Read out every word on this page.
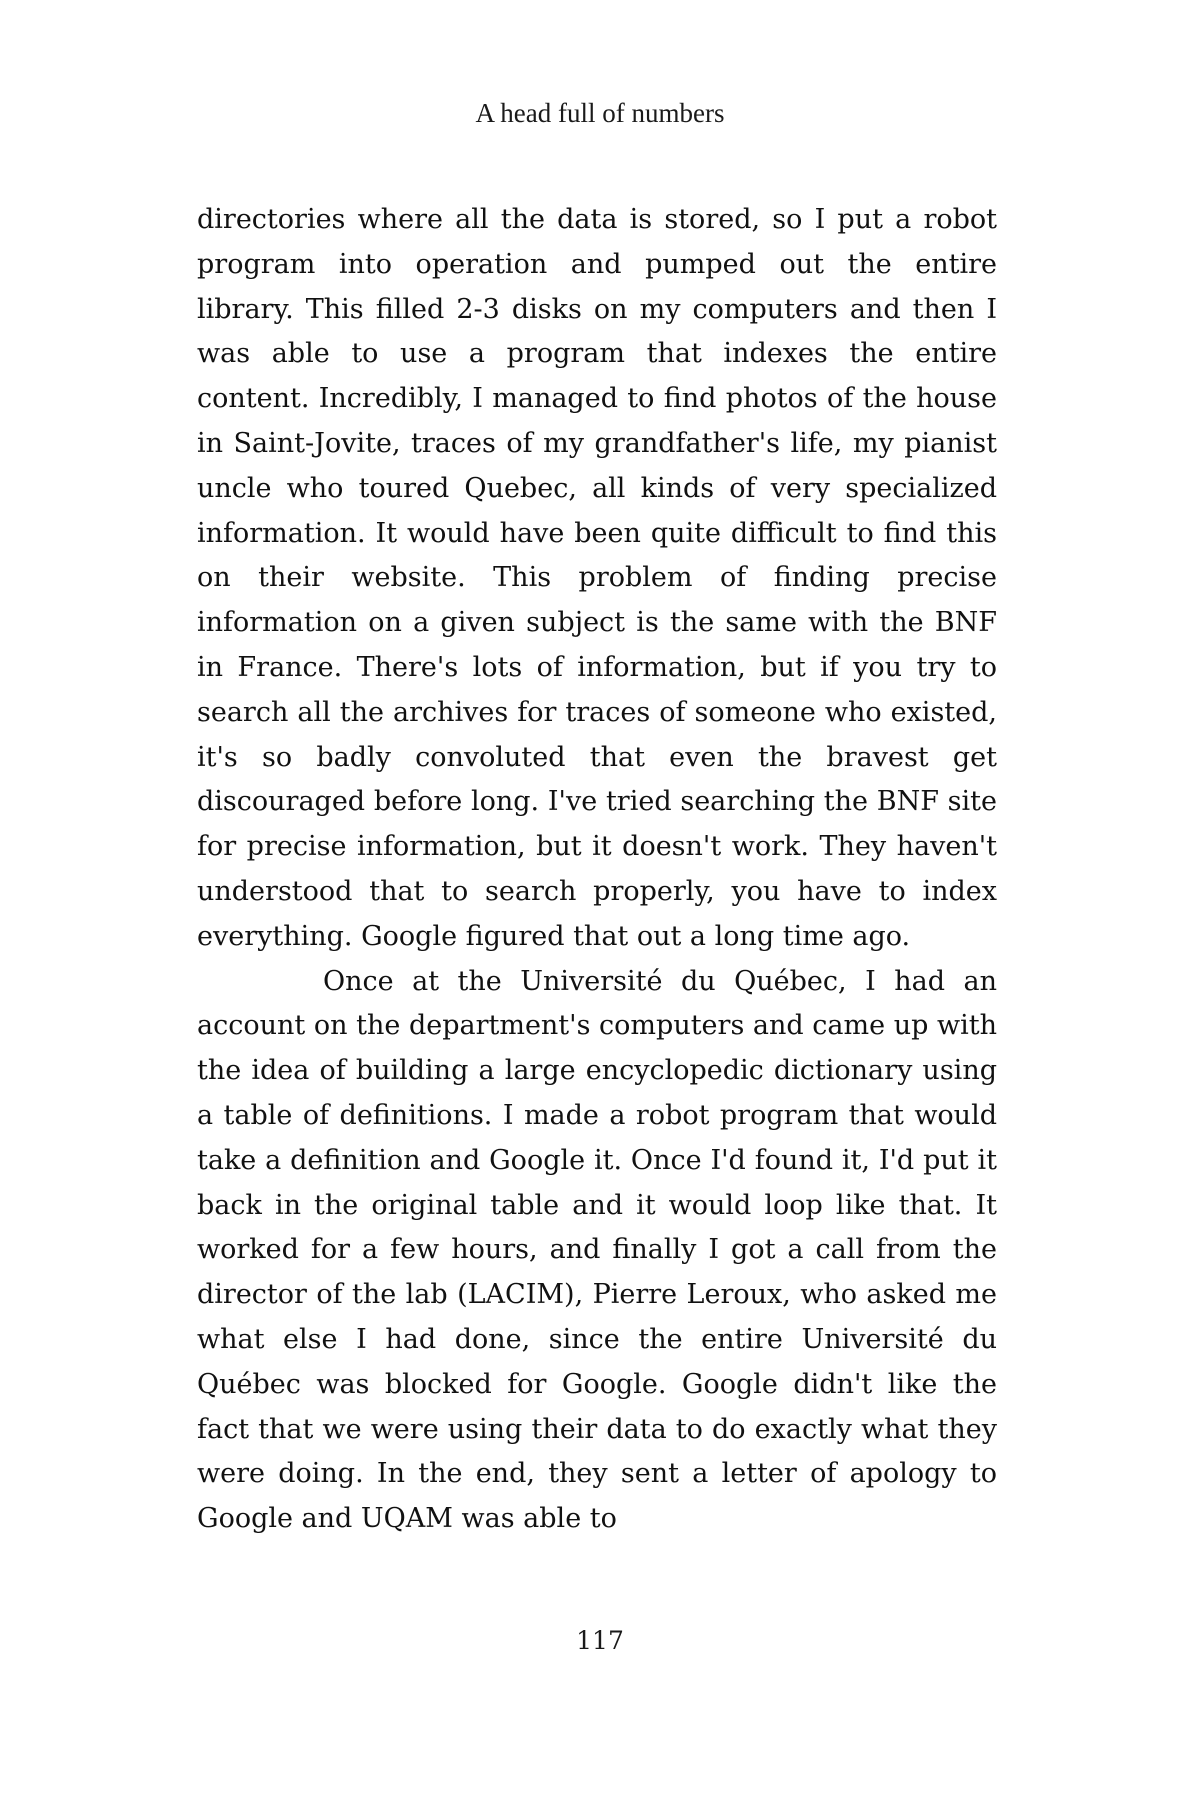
A head full of numbers

directories where all the data is stored, so I put a robot program into operation and pumped out the entire library. This filled 2-3 disks on my computers and then I was able to use a program that indexes the entire content. Incredibly, I managed to find photos of the house in Saint-Jovite, traces of my grandfather's life, my pianist uncle who toured Quebec, all kinds of very specialized information. It would have been quite difficult to find this on their website. This problem of finding precise information on a given subject is the same with the BNF in France. There's lots of information, but if you try to search all the archives for traces of someone who existed, it's so badly convoluted that even the bravest get discouraged before long. I've tried searching the BNF site for precise information, but it doesn't work. They haven't understood that to search properly, you have to index everything. Google figured that out a long time ago.

Once at the Université du Québec, I had an account on the department's computers and came up with the idea of building a large encyclopedic dictionary using a table of definitions. I made a robot program that would take a definition and Google it. Once I'd found it, I'd put it back in the original table and it would loop like that. It worked for a few hours, and finally I got a call from the director of the lab (LACIM), Pierre Leroux, who asked me what else I had done, since the entire Université du Québec was blocked for Google. Google didn't like the fact that we were using their data to do exactly what they were doing. In the end, they sent a letter of apology to Google and UQAM was able to

117
